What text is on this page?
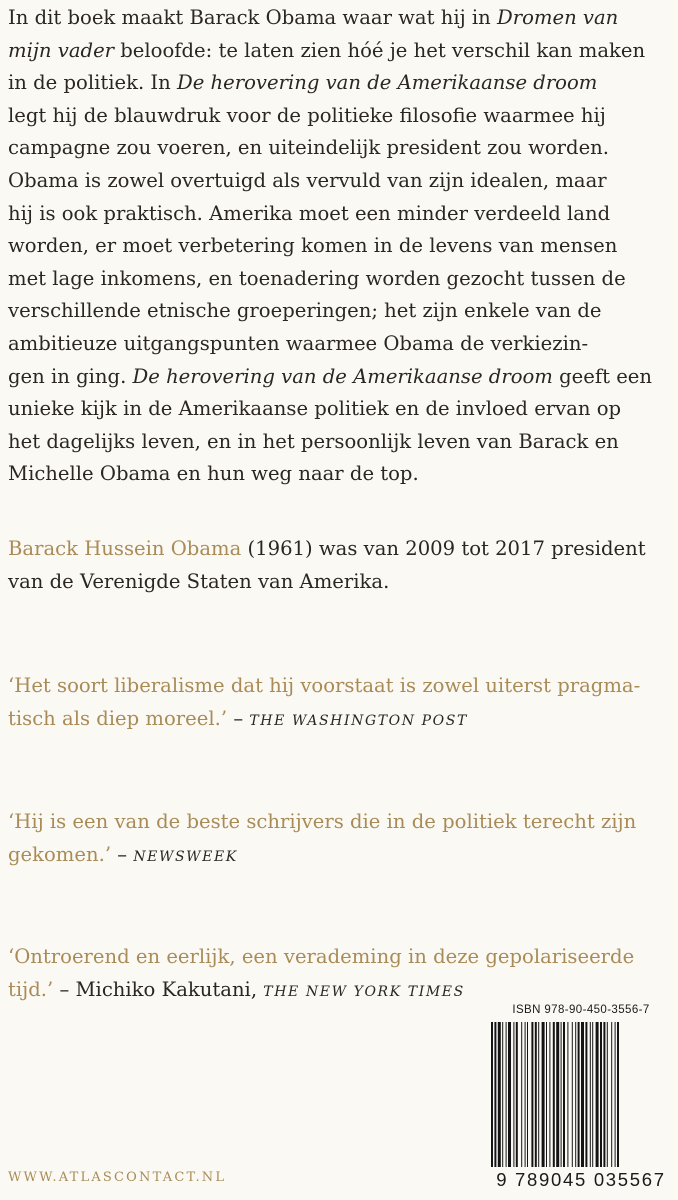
In dit boek maakt Barack Obama waar wat hij in Dromen van
mijn vader beloofde: te laten zien hóé je het verschil kan maken
in de politiek. In De herovering van de Amerikaanse droom
legt hij de blauwdruk voor de politieke filosofie waarmee hij
campagne zou voeren, en uiteindelijk president zou worden.
Obama is zowel overtuigd als vervuld van zijn idealen, maar
hij is ook praktisch. Amerika moet een minder verdeeld land
worden, er moet verbetering komen in de levens van mensen
met lage inkomens, en toenadering worden gezocht tussen de
verschillende etnische groeperingen; het zijn enkele van de
ambitieuze uitgangspunten waarmee Obama de verkiezin-
gen in ging. De herovering van de Amerikaanse droom geeft een
unieke kijk in de Amerikaanse politiek en de invloed ervan op
het dagelijks leven, en in het persoonlijk leven van Barack en
Michelle Obama en hun weg naar de top.

Barack Hussein Obama (1961) was van 2009 tot 2017 president van de Verenigde Staten van Amerika.

‘Het soort liberalisme dat hij voorstaat is zowel uiterst pragma-
tisch als diep moreel.’ – THE WASHINGTON POST

‘Hij is een van de beste schrijvers die in de politiek terecht zijn
gekomen.’ – NEWSWEEK

‘Ontroerend en eerlijk, een verademing in deze gepolariseerde
tijd.’ – Michiko Kakutani, THE NEW YORK TIMES

ISBN 978-90-450-3556-7
9 789045 035567
WWW.ATLASCONTACT.NL
